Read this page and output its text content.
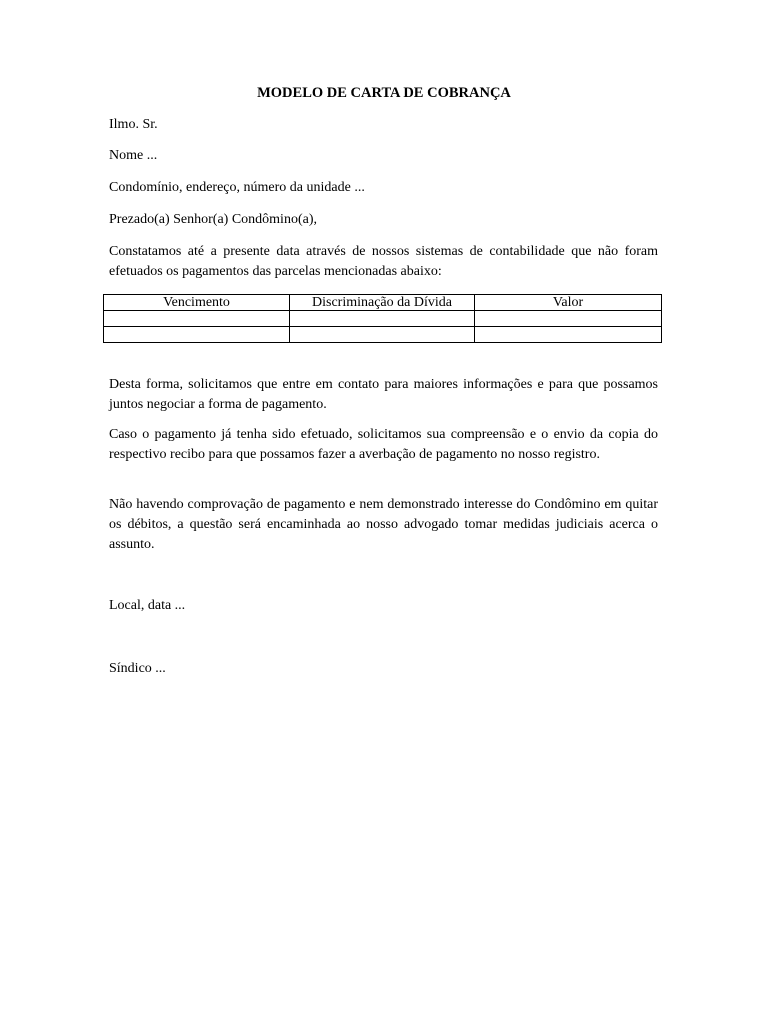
MODELO DE CARTA DE COBRANÇA
Ilmo. Sr.
Nome ...
Condomínio, endereço, número da unidade ...
Prezado(a) Senhor(a) Condômino(a),
Constatamos até a presente data através de nossos sistemas de contabilidade que não foram efetuados os pagamentos das parcelas mencionadas abaixo:
Vencimento	Discriminação da Dívida	Valor

Desta forma, solicitamos que entre em contato para maiores informações e para que possamos juntos negociar a forma de pagamento.
Caso o pagamento já tenha sido efetuado, solicitamos sua compreensão e o envio da copia do respectivo recibo para que possamos fazer a averbação de pagamento no nosso registro.
Não havendo comprovação de pagamento e nem demonstrado interesse do Condômino em quitar os débitos, a questão será encaminhada ao nosso advogado tomar medidas judiciais acerca o assunto.
Local, data ...
Síndico ...
